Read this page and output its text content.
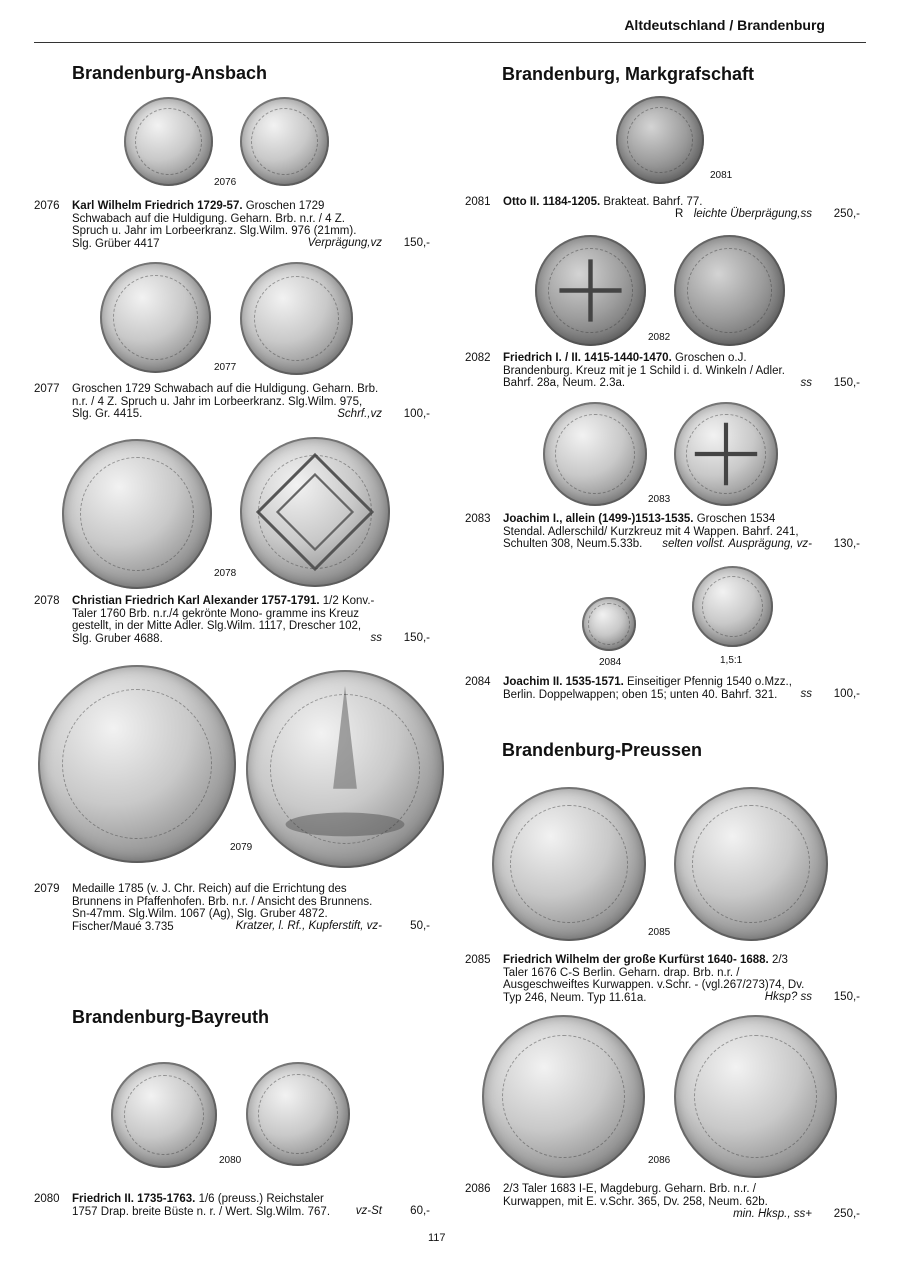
Altdeutschland / Brandenburg
Brandenburg-Ansbach	Brandenburg, Markgrafschaft
Brandenburg-Preussen
Brandenburg-Bayreuth
2076
2076 Karl Wilhelm Friedrich 1729-57. Groschen 1729 Schwabach auf die Huldigung. Geharn. Brb. n.r. / 4 Z. Spruch u. Jahr im Lorbeerkranz. Slg.Wilm. 976 (21mm). Slg. Grüber 4417	Verprägung,vz 150,-
2077
2077 Groschen 1729 Schwabach auf die Huldigung. Geharn. Brb. n.r. / 4 Z. Spruch u. Jahr im Lorbeerkranz. Slg.Wilm. 975, Slg. Gr. 4415.	Schrf.,vz 100,-
2078
2078 Christian Friedrich Karl Alexander 1757-1791. 1/2 Konv.-Taler 1760 Brb. n.r./4 gekrönte Mono- gramme ins Kreuz gestellt, in der Mitte Adler. Slg.Wilm. 1117, Drescher 102, Slg. Gruber 4688.	ss 150,-
2079
2079 Medaille 1785 (v. J. Chr. Reich) auf die Errichtung des Brunnens in Pfaffenhofen. Brb. n.r. / Ansicht des Brunnens. Sn-47mm. Slg.Wilm. 1067 (Ag), Slg. Gruber 4872. Fischer/Maué 3.735	Kratzer, l. Rf., Kupferstift, vz- 50,-
2080
2080 Friedrich II. 1735-1763. 1/6 (preuss.) Reichstaler 1757 Drap. breite Büste n. r. / Wert. Slg.Wilm. 767.	vz-St 60,-
2081
2081 Otto II. 1184-1205. Brakteat. Bahrf. 77.
R leichte Überprägung,ss 250,-
2082
2082 Friedrich I. / II. 1415-1440-1470. Groschen o.J. Brandenburg. Kreuz mit je 1 Schild i. d. Winkeln / Adler. Bahrf. 28a, Neum. 2.3a.	ss 150,-
2083
2083 Joachim I., allein (1499-)1513-1535. Groschen 1534 Stendal. Adlerschild/ Kurzkreuz mit 4 Wappen. Bahrf. 241, Schulten 308, Neum.5.33b.	selten vollst. Ausprägung, vz- 130,-
2084	1,5:1
2084 Joachim II. 1535-1571. Einseitiger Pfennig 1540 o.Mzz., Berlin. Doppelwappen; oben 15; unten 40. Bahrf. 321.	ss 100,-
2085
2085 Friedrich Wilhelm der große Kurfürst 1640- 1688. 2/3 Taler 1676 C-S Berlin. Geharn. drap. Brb. n.r. / Ausgeschweiftes Kurwappen. v.Schr. - (vgl.267/273)74, Dv. Typ 246, Neum. Typ 11.61a.	Hksp? ss 150,-
2086
2086 2/3 Taler 1683 I-E, Magdeburg. Geharn. Brb. n.r. / Kurwappen, mit E. v.Schr. 365, Dv. 258, Neum. 62b.
min. Hksp., ss+ 250,-
117
